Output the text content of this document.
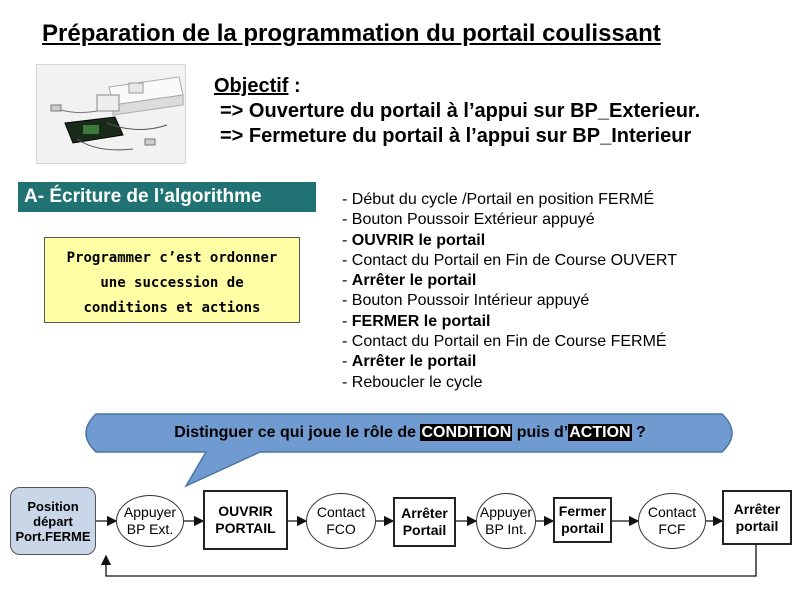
Préparation de la programmation du portail coulissant
Objectif :
=> Ouverture du portail à l’appui sur BP_Exterieur.
=> Fermeture du portail à l’appui sur BP_Interieur
A- Écriture de l’algorithme
Programmer c’est ordonner
une succession de
conditions et actions
- Début du cycle /Portail en position FERMÉ
- Bouton Poussoir Extérieur appuyé
- OUVRIR le portail
- Contact du Portail en Fin de Course OUVERT
- Arrêter le portail
- Bouton Poussoir Intérieur appuyé
- FERMER le portail
- Contact du Portail en Fin de Course FERMÉ
- Arrêter le portail
- Reboucler le cycle
Distinguer ce qui joue le rôle de CONDITION puis d’ACTION ?
Position
départ
Port.FERME
Appuyer
BP Ext.
OUVRIR
PORTAIL
Contact
FCO
Arrêter
Portail
Appuyer
BP Int.
Fermer
portail
Contact
FCF
Arrêter
portail
